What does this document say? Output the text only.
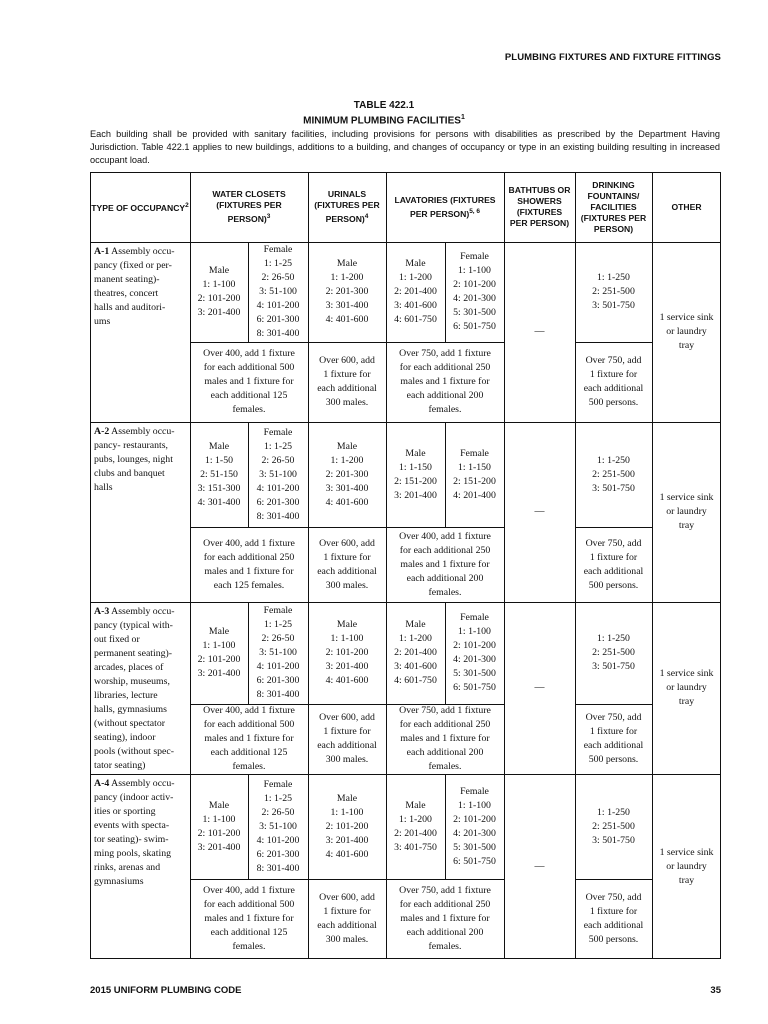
PLUMBING FIXTURES AND FIXTURE FITTINGS
TABLE 422.1
MINIMUM PLUMBING FACILITIES$^1$
Each building shall be provided with sanitary facilities, including provisions for persons with disabilities as prescribed by the Department Having Jurisdiction. Table 422.1 applies to new buildings, additions to a building, and changes of occupancy or type in an existing building resulting in increased occupant load.
TYPE OF OCCUPANCY$^2$
WATER CLOSETS (FIXTURES PER PERSON)$^3$
URINALS (FIXTURES PER PERSON)$^4$
LAVATORIES (FIXTURES PER PERSON)$^{5, 6}$
BATHTUBS OR SHOWERS (FIXTURES PER PERSON)
DRINKING FOUNTAINS/ FACILITIES (FIXTURES PER PERSON)
OTHER
A-1 Assembly occu-
pancy (fixed or per-
manent seating)-
theatres, concert
halls and auditori-
ums
Male
1: 1-100
2: 101-200
3: 201-400
Female
1: 1-25
2: 26-50
3: 51-100
4: 101-200
6: 201-300
8: 301-400
Male
1: 1-200
2: 201-300
3: 301-400
4: 401-600
Male
1: 1-200
2: 201-400
3: 401-600
4: 601-750
Female
1: 1-100
2: 101-200
4: 201-300
5: 301-500
6: 501-750
1: 1-250
2: 251-500
3: 501-750
Over 400, add 1 fixture
for each additional 500
males and 1 fixture for
each additional 125
females.
Over 600, add
1 fixture for
each additional
300 males.
Over 750, add 1 fixture
for each additional 250
males and 1 fixture for
each additional 200
females.
Over 750, add
1 fixture for
each additional
500 persons.
—
1 service sink
or laundry
tray
A-2 Assembly occu-
pancy- restaurants,
pubs, lounges, night
clubs and banquet
halls
Male
1: 1-50
2: 51-150
3: 151-300
4: 301-400
Female
1: 1-25
2: 26-50
3: 51-100
4: 101-200
6: 201-300
8: 301-400
Male
1: 1-200
2: 201-300
3: 301-400
4: 401-600
Male
1: 1-150
2: 151-200
3: 201-400
Female
1: 1-150
2: 151-200
4: 201-400
1: 1-250
2: 251-500
3: 501-750
Over 400, add 1 fixture
for each additional 250
males and 1 fixture for
each 125 females.
Over 600, add
1 fixture for
each additional
300 males.
Over 400, add 1 fixture
for each additional 250
males and 1 fixture for
each additional 200
females.
Over 750, add
1 fixture for
each additional
500 persons.
—
1 service sink
or laundry
tray
A-3 Assembly occu-
pancy (typical with-
out fixed or
permanent seating)-
arcades, places of
worship, museums,
libraries, lecture
halls, gymnasiums
(without spectator
seating), indoor
pools (without spec-
tator seating)
Male
1: 1-100
2: 101-200
3: 201-400
Female
1: 1-25
2: 26-50
3: 51-100
4: 101-200
6: 201-300
8: 301-400
Male
1: 1-100
2: 101-200
3: 201-400
4: 401-600
Male
1: 1-200
2: 201-400
3: 401-600
4: 601-750
Female
1: 1-100
2: 101-200
4: 201-300
5: 301-500
6: 501-750
1: 1-250
2: 251-500
3: 501-750
Over 400, add 1 fixture
for each additional 500
males and 1 fixture for
each additional 125
females.
Over 600, add
1 fixture for
each additional
300 males.
Over 750, add 1 fixture
for each additional 250
males and 1 fixture for
each additional 200
females.
Over 750, add
1 fixture for
each additional
500 persons.
—
1 service sink
or laundry
tray
A-4 Assembly occu-
pancy (indoor activ-
ities or sporting
events with specta-
tor seating)- swim-
ming pools, skating
rinks, arenas and
gymnasiums
Male
1: 1-100
2: 101-200
3: 201-400
Female
1: 1-25
2: 26-50
3: 51-100
4: 101-200
6: 201-300
8: 301-400
Male
1: 1-100
2: 101-200
3: 201-400
4: 401-600
Male
1: 1-200
2: 201-400
3: 401-750
Female
1: 1-100
2: 101-200
4: 201-300
5: 301-500
6: 501-750
1: 1-250
2: 251-500
3: 501-750
Over 400, add 1 fixture
for each additional 500
males and 1 fixture for
each additional 125
females.
Over 600, add
1 fixture for
each additional
300 males.
Over 750, add 1 fixture
for each additional 250
males and 1 fixture for
each additional 200
females.
Over 750, add
1 fixture for
each additional
500 persons.
—
1 service sink
or laundry
tray
2015 UNIFORM PLUMBING CODE	35
